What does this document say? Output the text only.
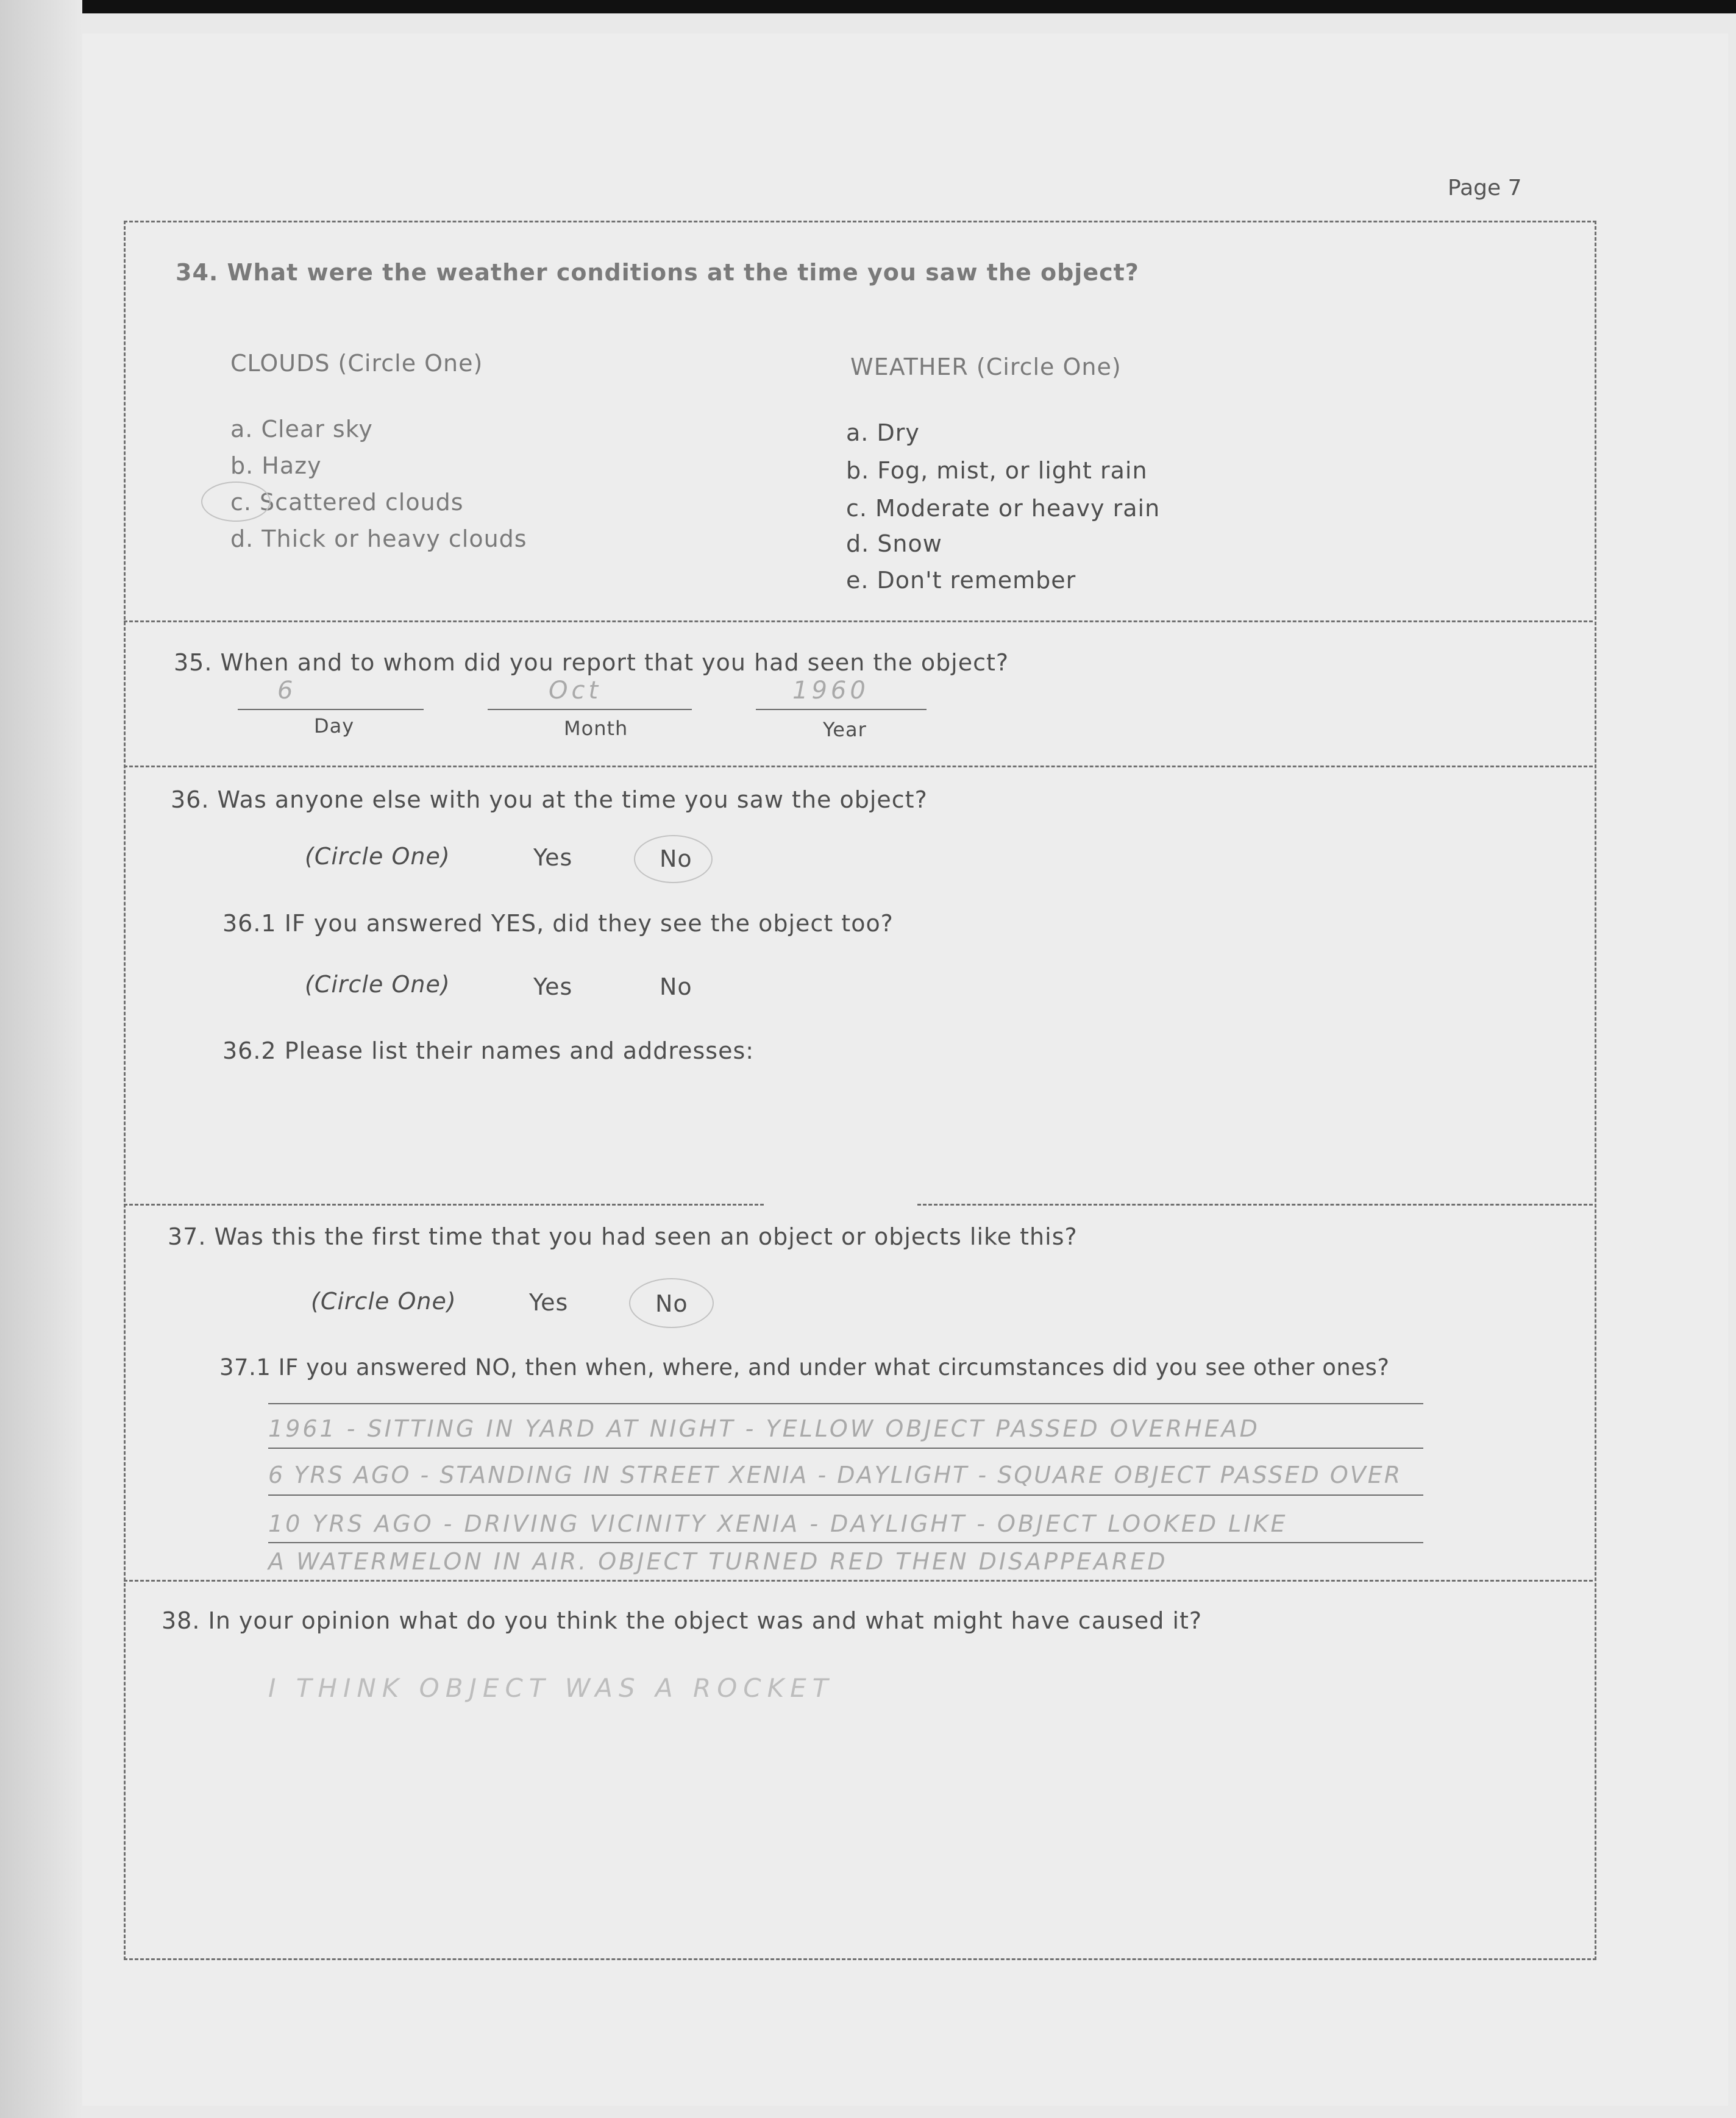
Page 7
34. What were the weather conditions at the time you saw the object?
CLOUDS (Circle One)
a. Clear sky
b. Hazy
c. Scattered clouds
d. Thick or heavy clouds
WEATHER (Circle One)
a. Dry
b. Fog, mist, or light rain
c. Moderate or heavy rain
d. Snow
e. Don't remember
35. When and to whom did you report that you had seen the object?
6	Oct	1960
Day	Month	Year
36. Was anyone else with you at the time you saw the object?
(Circle One)	Yes	No
36.1 IF you answered YES, did they see the object too?
(Circle One)	Yes	No
36.2 Please list their names and addresses:
37. Was this the first time that you had seen an object or objects like this?
(Circle One)	Yes	No
37.1 IF you answered NO, then when, where, and under what circumstances did you see other ones?
1961 - SITTING IN YARD AT NIGHT - YELLOW OBJECT PASSED OVERHEAD
6 YRS AGO - STANDING IN STREET XENIA - DAYLIGHT - SQUARE OBJECT PASSED OVER
10 YRS AGO - DRIVING VICINITY XENIA - DAYLIGHT - OBJECT LOOKED LIKE
A WATERMELON IN AIR. OBJECT TURNED RED THEN DISAPPEARED
38. In your opinion what do you think the object was and what might have caused it?
I THINK OBJECT WAS A ROCKET
